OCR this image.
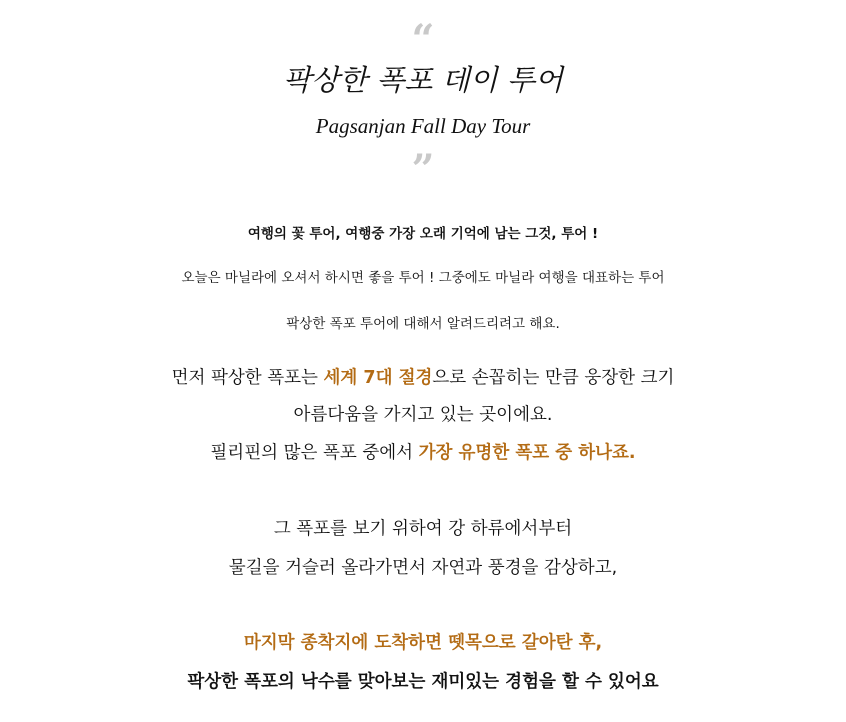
“
팍상한 폭포 데이 투어
Pagsanjan Fall Day Tour
”
여행의 꽃 투어, 여행중 가장 오래 기억에 남는 그것, 투어 !
오늘은 마닐라에 오셔서 하시면 좋을 투어 ! 그중에도 마닐라 여행을 대표하는 투어
팍상한 폭포 투어에 대해서 알려드리려고 해요.
먼저 팍상한 폭포는 세계 7대 절경으로 손꼽히는 만큼 웅장한 크기
아름다움을 가지고 있는 곳이에요.
필리핀의 많은 폭포 중에서 가장 유명한 폭포 중 하나죠.
그 폭포를 보기 위하여 강 하류에서부터
물길을 거슬러 올라가면서 자연과 풍경을 감상하고,
마지막 종착지에 도착하면 뗏목으로 갈아탄 후,
팍상한 폭포의 낙수를 맞아보는 재미있는 경험을 할 수 있어요
